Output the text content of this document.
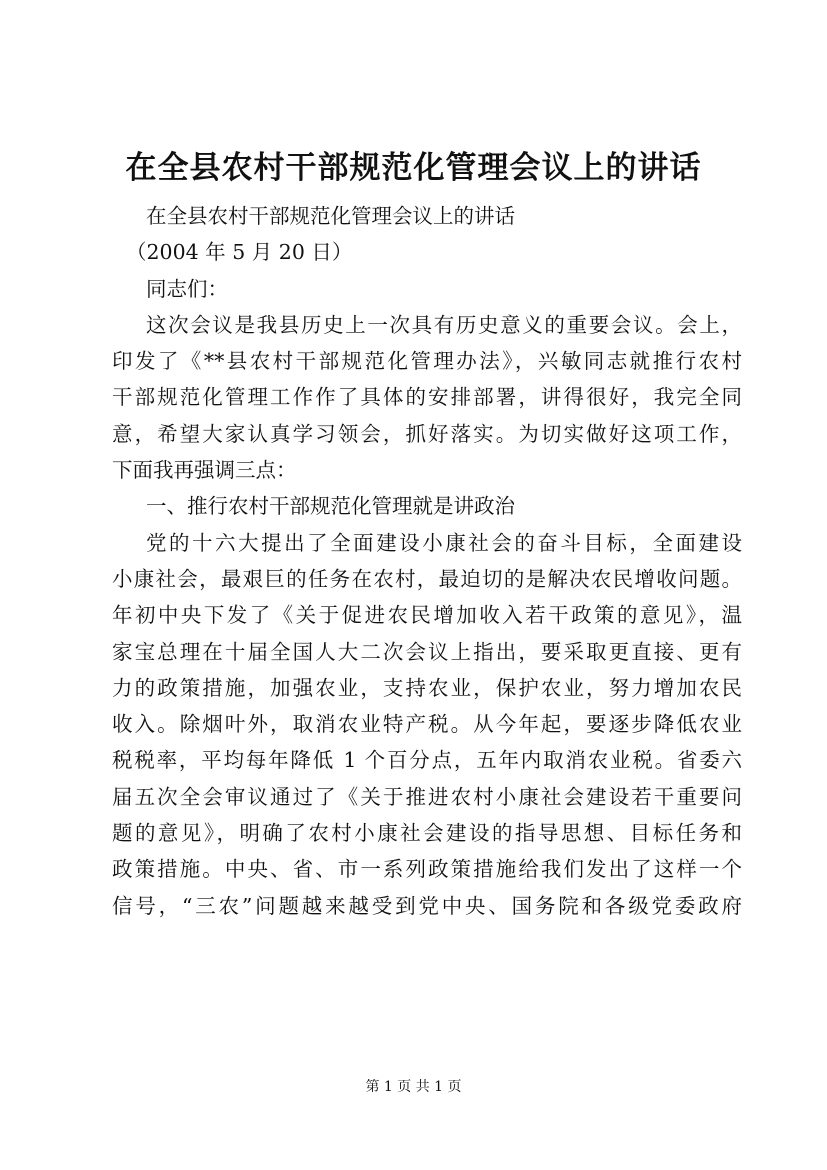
在全县农村干部规范化管理会议上的讲话
在全县农村干部规范化管理会议上的讲话
（2004 年 5 月 20 日）
同志们：
这次会议是我县历史上一次具有历史意义的重要会议。会上，
印发了《**县农村干部规范化管理办法》，兴敏同志就推行农村
干部规范化管理工作作了具体的安排部署，讲得很好，我完全同
意，希望大家认真学习领会，抓好落实。为切实做好这项工作，
下面我再强调三点：
一、推行农村干部规范化管理就是讲政治
党的十六大提出了全面建设小康社会的奋斗目标，全面建设
小康社会，最艰巨的任务在农村，最迫切的是解决农民增收问题。
年初中央下发了《关于促进农民增加收入若干政策的意见》，温
家宝总理在十届全国人大二次会议上指出，要采取更直接、更有
力的政策措施，加强农业，支持农业，保护农业，努力增加农民
收入。除烟叶外，取消农业特产税。从今年起，要逐步降低农业
税税率，平均每年降低 1 个百分点，五年内取消农业税。省委六
届五次全会审议通过了《关于推进农村小康社会建设若干重要问
题的意见》，明确了农村小康社会建设的指导思想、目标任务和
政策措施。中央、省、市一系列政策措施给我们发出了这样一个
信号，“三农”问题越来越受到党中央、国务院和各级党委政府
第 1 页 共 1 页
